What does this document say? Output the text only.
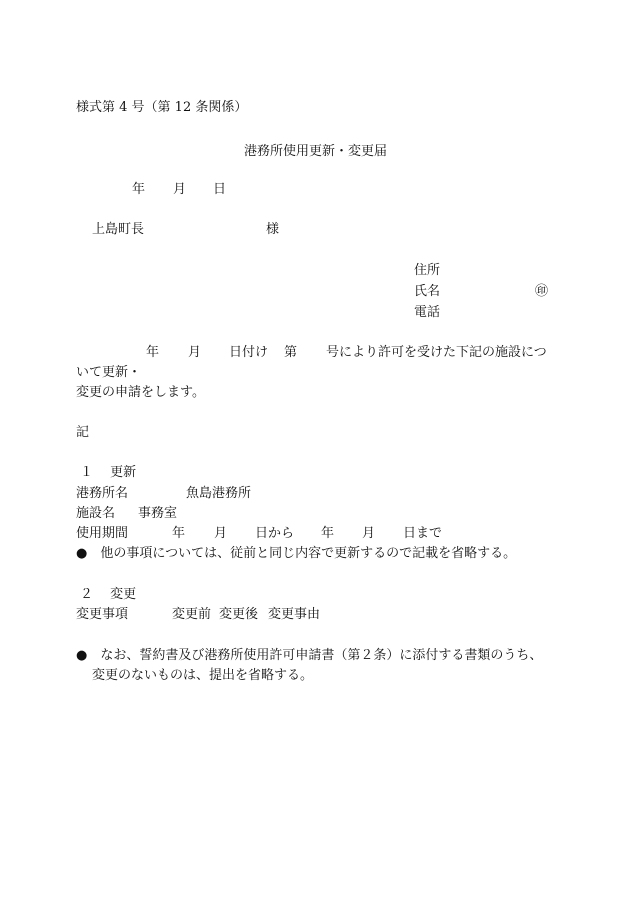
様式第 4 号（第 12 条関係）
港務所使用更新・変更届
年 月 日
上島町長	様
住所
氏名	㊞
電話
年 月 日付け 第 号により許可を受けた下記の施設につ
いて更新・
変更の申請をします。
記
１　 更新
港務所名	魚島港務所
施設名 事務室
使用期間	年 月 日から 年 月 日まで
●　他の事項については、従前と同じ内容で更新するので記載を省略する。
２　 変更
変更事項	変更前 変更後 変更事由
●　なお、誓約書及び港務所使用許可申請書（第２条）に添付する書類のうち、
変更のないものは、提出を省略する。
